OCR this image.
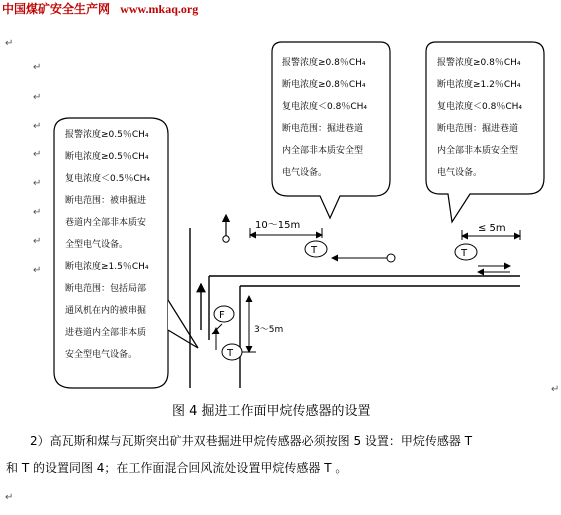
中国煤矿安全生产网 www.mkaq.org
↵
↵
↵
↵
↵
↵
↵
↵
↵
↵
↵
10～15m	≤ 5m
T	T
T
F
3～5m
报警浓度≥0.5％CH₄
断电浓度≥0.5％CH₄
复电浓度＜0.5％CH₄
断电范围：被串掘进
巷道内全部非本质安
全型电气设备。
断电浓度≥1.5％CH₄
断电范围：包括局部
通风机在内的被串掘
进巷道内全部非本质
安全型电气设备。
报警浓度≥0.8％CH₄
断电浓度≥0.8％CH₄
复电浓度＜0.8％CH₄
断电范围：掘进巷道
内全部非本质安全型
电气设备。
报警浓度≥0.8％CH₄
断电浓度≥1.2％CH₄
复电浓度＜0.8％CH₄
断电范围：掘进巷道
内全部非本质安全型
电气设备。
图 4 掘进工作面甲烷传感器的设置
2）高瓦斯和煤与瓦斯突出矿井双巷掘进甲烷传感器必须按图 5 设置：甲烷传感器 T
和 T 的设置同图 4；在工作面混合回风流处设置甲烷传感器 T 。
